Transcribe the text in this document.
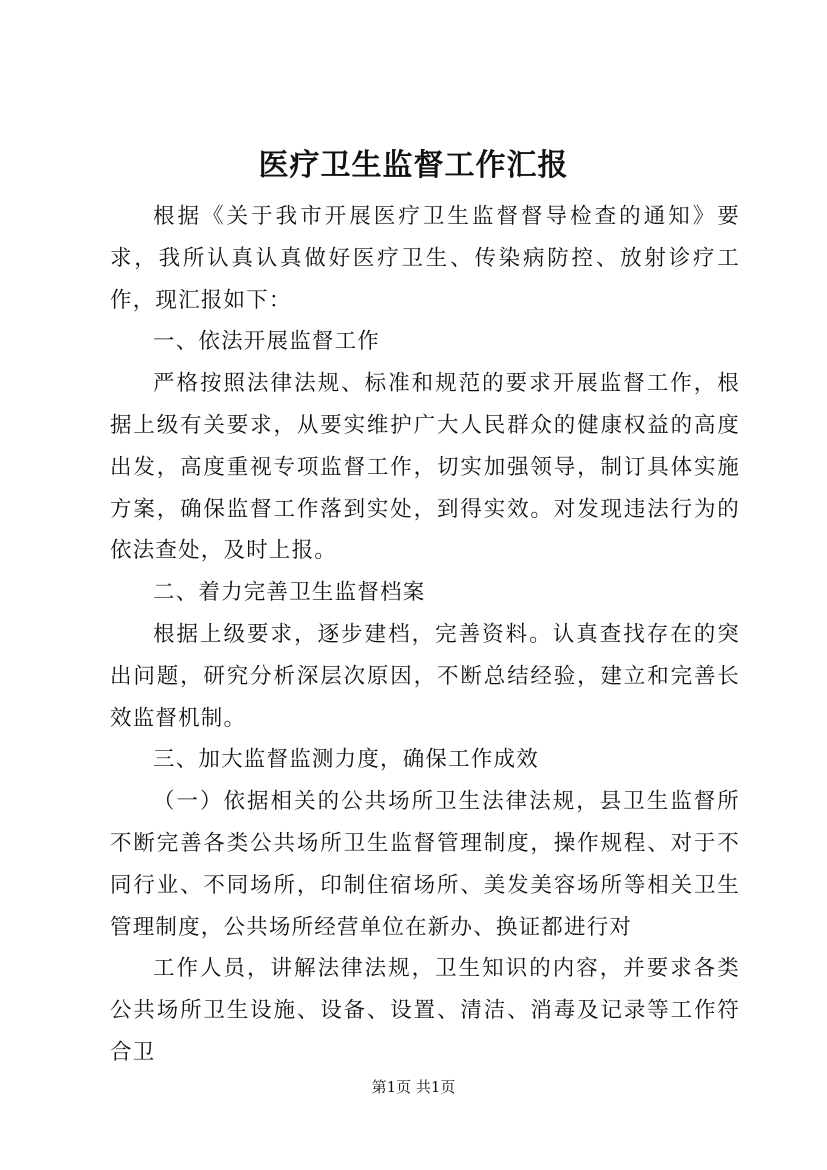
医疗卫生监督工作汇报

根据《关于我市开展医疗卫生监督督导检查的通知》要求，我所认真认真做好医疗卫生、传染病防控、放射诊疗工作，现汇报如下：

一、依法开展监督工作

严格按照法律法规、标准和规范的要求开展监督工作，根据上级有关要求，从要实维护广大人民群众的健康权益的高度出发，高度重视专项监督工作，切实加强领导，制订具体实施方案，确保监督工作落到实处，到得实效。对发现违法行为的依法查处，及时上报。

二、着力完善卫生监督档案

根据上级要求，逐步建档，完善资料。认真查找存在的突出问题，研究分析深层次原因，不断总结经验，建立和完善长效监督机制。

三、加大监督监测力度，确保工作成效

（一）依据相关的公共场所卫生法律法规，县卫生监督所不断完善各类公共场所卫生监督管理制度，操作规程、对于不同行业、不同场所，印制住宿场所、美发美容场所等相关卫生管理制度，公共场所经营单位在新办、换证都进行对

工作人员，讲解法律法规，卫生知识的内容，并要求各类公共场所卫生设施、设备、设置、清洁、消毒及记录等工作符合卫

第1页 共1页
